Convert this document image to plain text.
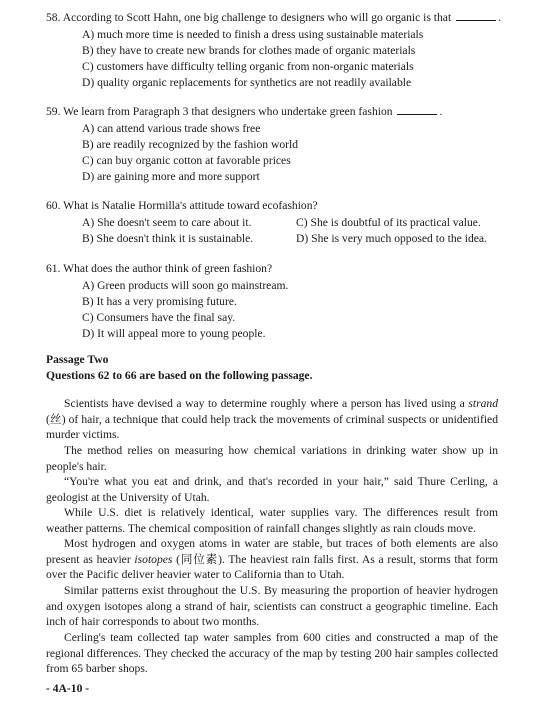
58. According to Scott Hahn, one big challenge to designers who will go organic is that	.
A) much more time is needed to finish a dress using sustainable materials
B) they have to create new brands for clothes made of organic materials
C) customers have difficulty telling organic from non-organic materials
D) quality organic replacements for synthetics are not readily available
59. We learn from Paragraph 3 that designers who undertake green fashion	.
A) can attend various trade shows free
B) are readily recognized by the fashion world
C) can buy organic cotton at favorable prices
D) are gaining more and more support
60. What is Natalie Hormilla's attitude toward ecofashion?
A) She doesn't seem to care about it.	C) She is doubtful of its practical value.
B) She doesn't think it is sustainable.	D) She is very much opposed to the idea.
61. What does the author think of green fashion?
A) Green products will soon go mainstream.
B) It has a very promising future.
C) Consumers have the final say.
D) It will appeal more to young people.
Passage Two
Questions 62 to 66 are based on the following passage.
Scientists have devised a way to determine roughly where a person has lived using a strand (丝) of hair, a technique that could help track the movements of criminal suspects or unidentified murder victims.
The method relies on measuring how chemical variations in drinking water show up in people's hair.
“You're what you eat and drink, and that's recorded in your hair,” said Thure Cerling, a geologist at the University of Utah.
While U.S. diet is relatively identical, water supplies vary. The differences result from weather patterns. The chemical composition of rainfall changes slightly as rain clouds move.
Most hydrogen and oxygen atoms in water are stable, but traces of both elements are also present as heavier isotopes (同位素). The heaviest rain falls first. As a result, storms that form over the Pacific deliver heavier water to California than to Utah.
Similar patterns exist throughout the U.S. By measuring the proportion of heavier hydrogen and oxygen isotopes along a strand of hair, scientists can construct a geographic timeline. Each inch of hair corresponds to about two months.
Cerling's team collected tap water samples from 600 cities and constructed a map of the regional differences. They checked the accuracy of the map by testing 200 hair samples collected from 65 barber shops.
- 4A-10 -
